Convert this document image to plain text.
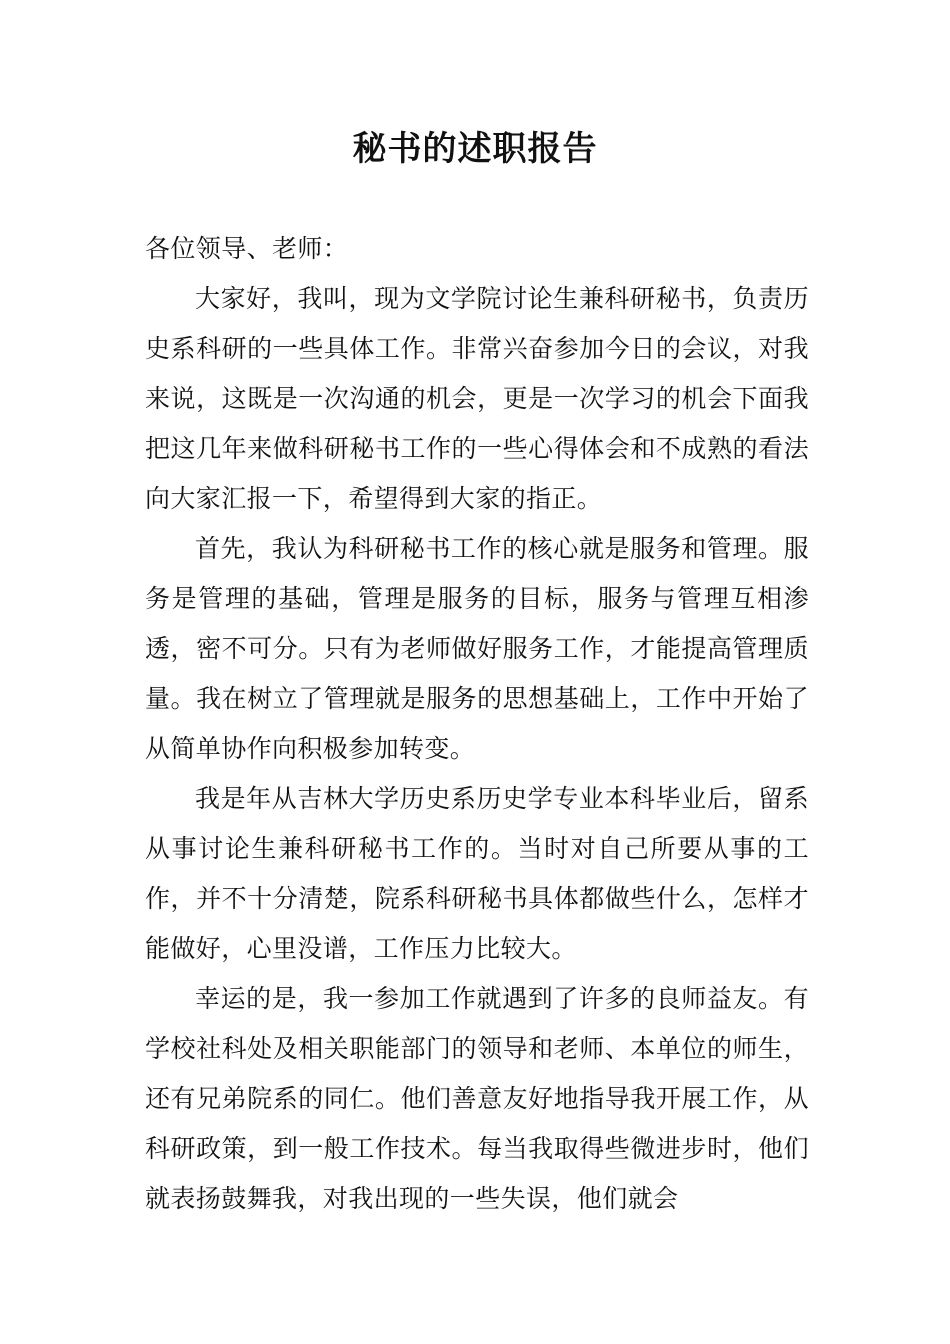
秘书的述职报告

各位领导、老师：

大家好，我叫，现为文学院讨论生兼科研秘书，负责历史系科研的一些具体工作。非常兴奋参加今日的会议，对我来说，这既是一次沟通的机会，更是一次学习的机会下面我把这几年来做科研秘书工作的一些心得体会和不成熟的看法向大家汇报一下，希望得到大家的指正。

首先，我认为科研秘书工作的核心就是服务和管理。服务是管理的基础，管理是服务的目标，服务与管理互相渗透，密不可分。只有为老师做好服务工作，才能提高管理质量。我在树立了管理就是服务的思想基础上，工作中开始了从简单协作向积极参加转变。

我是年从吉林大学历史系历史学专业本科毕业后，留系从事讨论生兼科研秘书工作的。当时对自己所要从事的工作，并不十分清楚，院系科研秘书具体都做些什么，怎样才能做好，心里没谱，工作压力比较大。

幸运的是，我一参加工作就遇到了许多的良师益友。有学校社科处及相关职能部门的领导和老师、本单位的师生，还有兄弟院系的同仁。他们善意友好地指导我开展工作，从科研政策，到一般工作技术。每当我取得些微进步时，他们就表扬鼓舞我，对我出现的一些失误，他们就会
